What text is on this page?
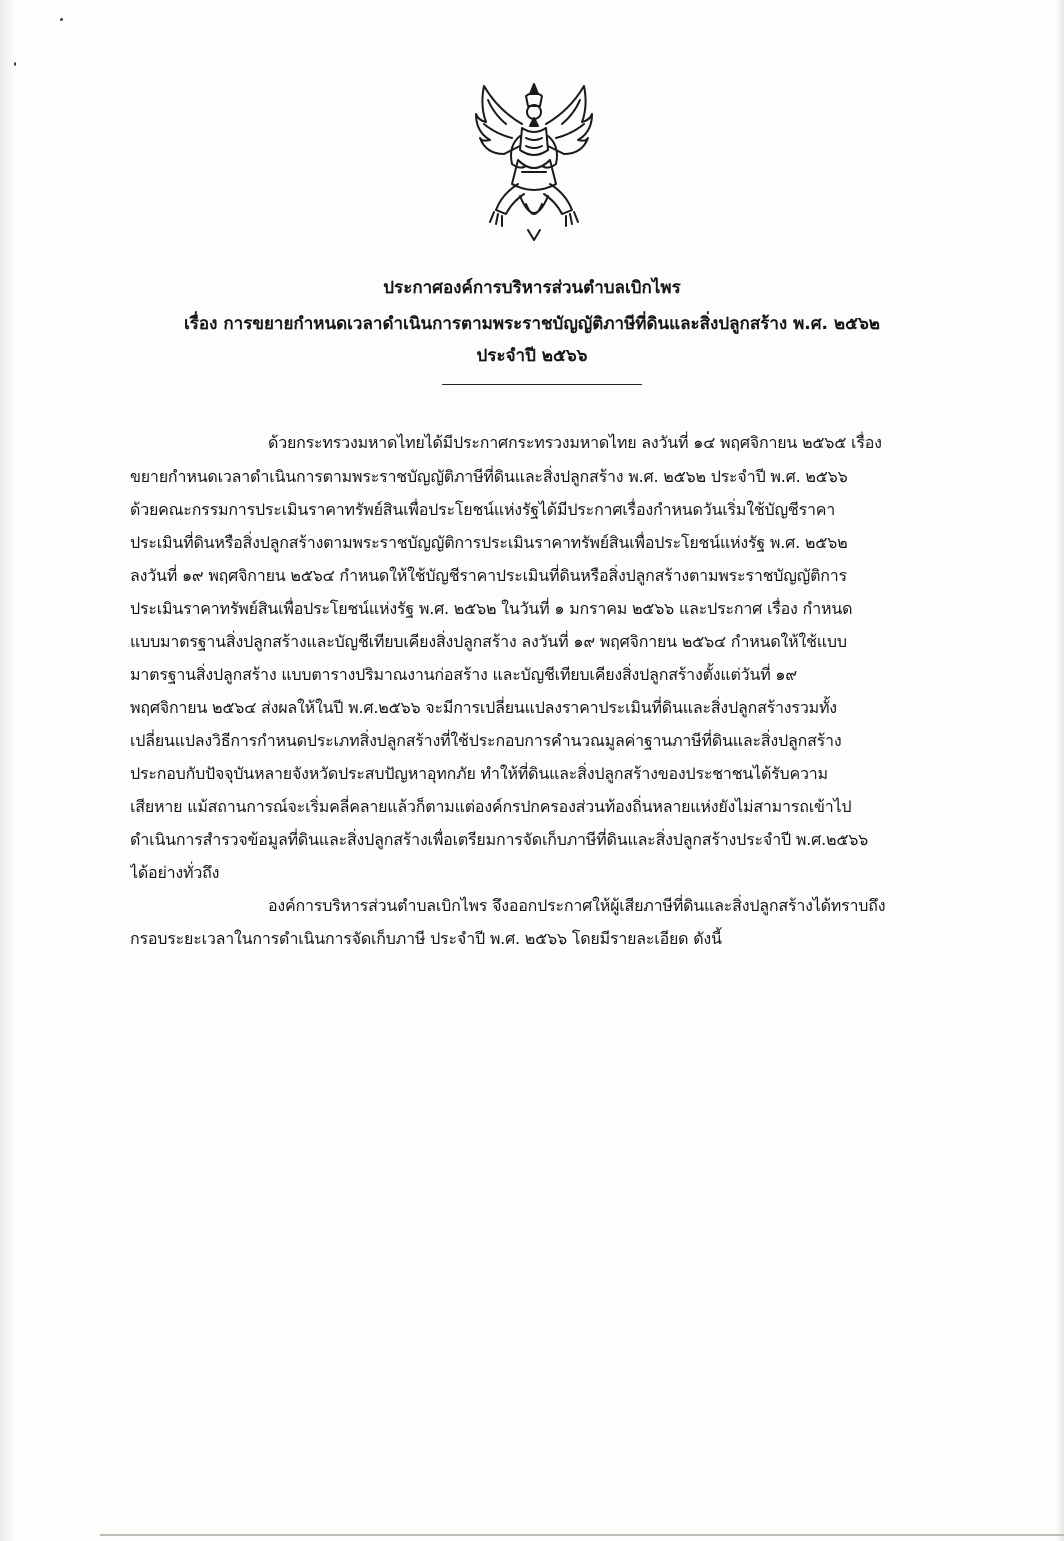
ประกาศองค์การบริหารส่วนตำบลเบิกไพร
เรื่อง การขยายกำหนดเวลาดำเนินการตามพระราชบัญญัติภาษีที่ดินและสิ่งปลูกสร้าง พ.ศ. ๒๕๖๒
ประจำปี ๒๕๖๖
ด้วยกระทรวงมหาดไทยได้มีประกาศกระทรวงมหาดไทย ลงวันที่ ๑๔ พฤศจิกายน ๒๕๖๕ เรื่อง
ขยายกำหนดเวลาดำเนินการตามพระราชบัญญัติภาษีที่ดินและสิ่งปลูกสร้าง พ.ศ. ๒๕๖๒ ประจำปี พ.ศ. ๒๕๖๖
ด้วยคณะกรรมการประเมินราคาทรัพย์สินเพื่อประโยชน์แห่งรัฐได้มีประกาศเรื่องกำหนดวันเริ่มใช้บัญชีราคา
ประเมินที่ดินหรือสิ่งปลูกสร้างตามพระราชบัญญัติการประเมินราคาทรัพย์สินเพื่อประโยชน์แห่งรัฐ พ.ศ. ๒๕๖๒
ลงวันที่ ๑๙ พฤศจิกายน ๒๕๖๔ กำหนดให้ใช้บัญชีราคาประเมินที่ดินหรือสิ่งปลูกสร้างตามพระราชบัญญัติการ
ประเมินราคาทรัพย์สินเพื่อประโยชน์แห่งรัฐ พ.ศ. ๒๕๖๒ ในวันที่ ๑ มกราคม ๒๕๖๖ และประกาศ เรื่อง กำหนด
แบบมาตรฐานสิ่งปลูกสร้างและบัญชีเทียบเคียงสิ่งปลูกสร้าง ลงวันที่ ๑๙ พฤศจิกายน ๒๕๖๔ กำหนดให้ใช้แบบ
มาตรฐานสิ่งปลูกสร้าง แบบตารางปริมาณงานก่อสร้าง และบัญชีเทียบเคียงสิ่งปลูกสร้างตั้งแต่วันที่ ๑๙
พฤศจิกายน ๒๕๖๔ ส่งผลให้ในปี พ.ศ.๒๕๖๖ จะมีการเปลี่ยนแปลงราคาประเมินที่ดินและสิ่งปลูกสร้างรวมทั้ง
เปลี่ยนแปลงวิธีการกำหนดประเภทสิ่งปลูกสร้างที่ใช้ประกอบการคำนวณมูลค่าฐานภาษีที่ดินและสิ่งปลูกสร้าง
ประกอบกับปัจจุบันหลายจังหวัดประสบปัญหาอุทกภัย ทำให้ที่ดินและสิ่งปลูกสร้างของประชาชนได้รับความ
เสียหาย แม้สถานการณ์จะเริ่มคลี่คลายแล้วก็ตามแต่องค์กรปกครองส่วนท้องถิ่นหลายแห่งยังไม่สามารถเข้าไป
ดำเนินการสำรวจข้อมูลที่ดินและสิ่งปลูกสร้างเพื่อเตรียมการจัดเก็บภาษีที่ดินและสิ่งปลูกสร้างประจำปี พ.ศ.๒๕๖๖
ได้อย่างทั่วถึง
องค์การบริหารส่วนตำบลเบิกไพร จึงออกประกาศให้ผู้เสียภาษีที่ดินและสิ่งปลูกสร้างได้ทราบถึง
กรอบระยะเวลาในการดำเนินการจัดเก็บภาษี ประจำปี พ.ศ. ๒๕๖๖ โดยมีรายละเอียด ดังนี้
